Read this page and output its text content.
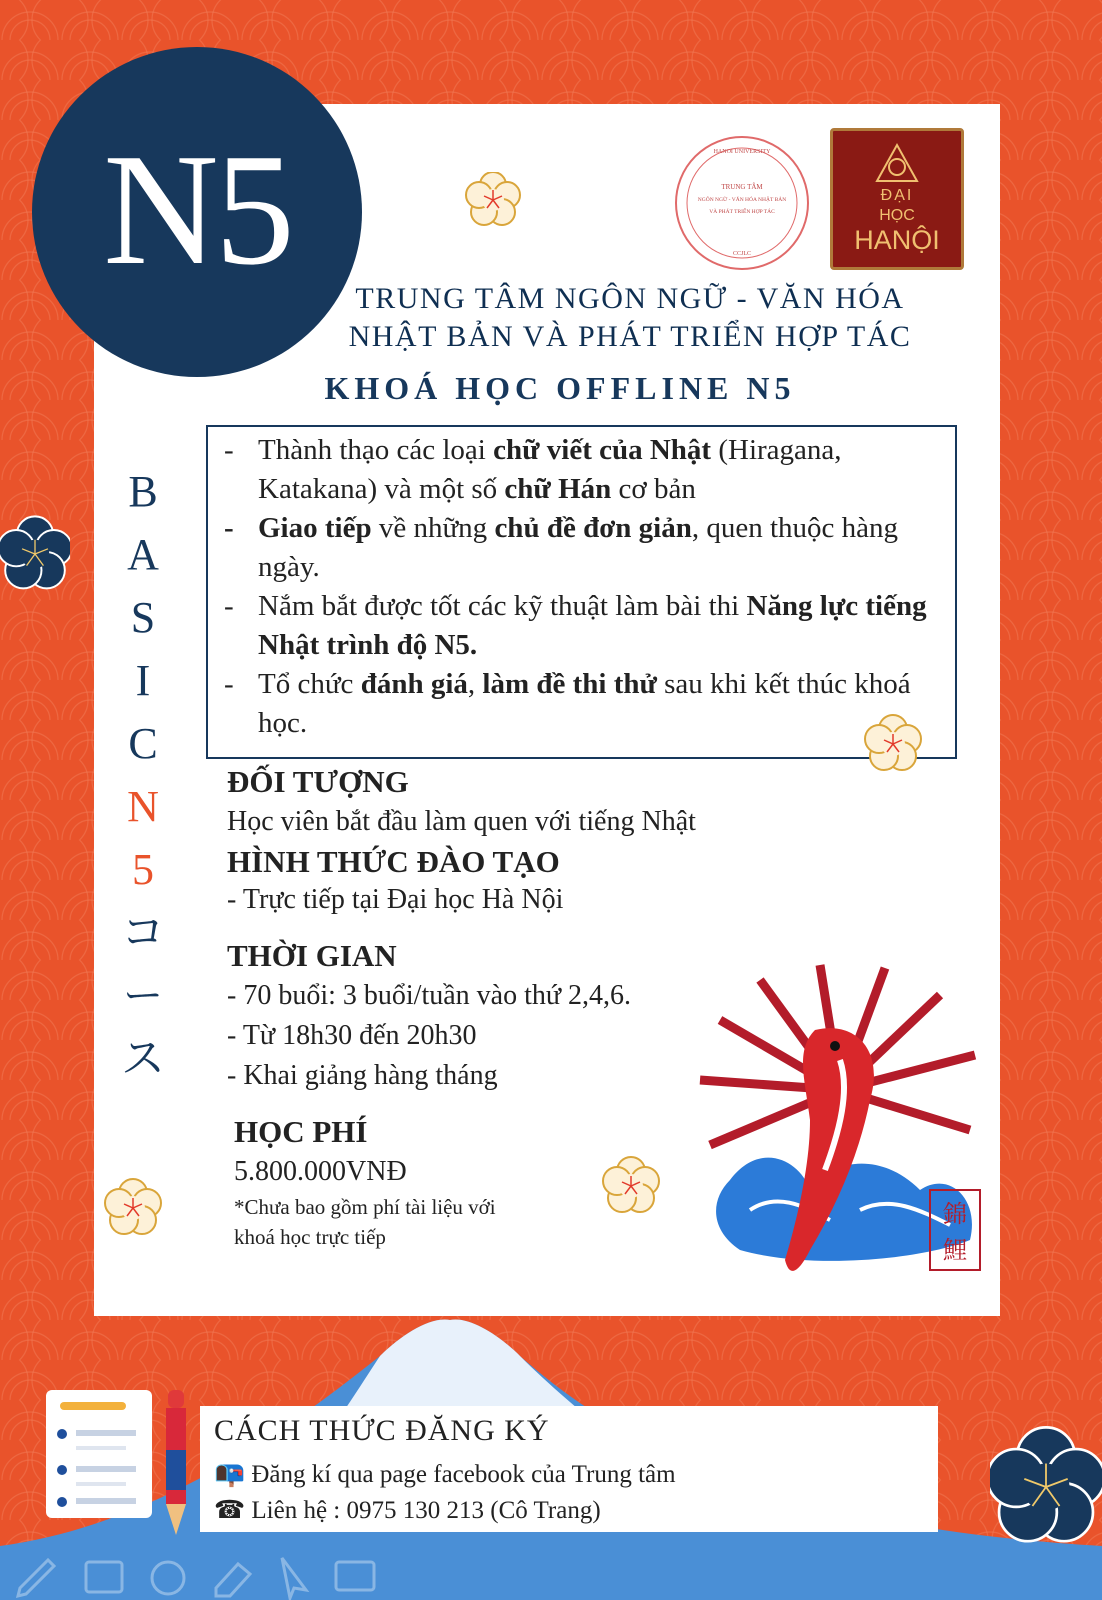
N5	HANOI UNIVERSITY
TRUNG TÂM
NGÔN NGỮ - VĂN HÓA NHẬT BẢN
VÀ PHÁT TRIỂN HỢP TÁC
CCJLC
ĐẠI
HỌC
HANỘI
TRUNG TÂM NGÔN NGỮ - VĂN HÓA
NHẬT BẢN VÀ PHÁT TRIỂN HỢP TÁC
KHOÁ HỌC OFFLINE N5
B
A
S
I
C
N
5
コ
ー
ス
- Thành thạo các loại chữ viết của Nhật (Hiragana, Katakana) và một số chữ Hán cơ bản
- Giao tiếp về những chủ đề đơn giản, quen thuộc hàng ngày.
- Nắm bắt được tốt các kỹ thuật làm bài thi Năng lực tiếng Nhật trình độ N5.
- Tổ chức đánh giá, làm đề thi thử sau khi kết thúc khoá học.
ĐỐI TƯỢNG
Học viên bắt đầu làm quen với tiếng Nhật
HÌNH THỨC ĐÀO TẠO
- Trực tiếp tại Đại học Hà Nội
THỜI GIAN
- 70 buổi: 3 buổi/tuần vào thứ 2,4,6.
- Từ 18h30 đến 20h30
- Khai giảng hàng tháng
HỌC PHÍ
5.800.000VNĐ
*Chưa bao gồm phí tài liệu với
khoá học trực tiếp
錦
鯉
CÁCH THỨC ĐĂNG KÝ
📭 Đăng kí qua page facebook của Trung tâm
☎ Liên hệ : 0975 130 213 (Cô Trang)
